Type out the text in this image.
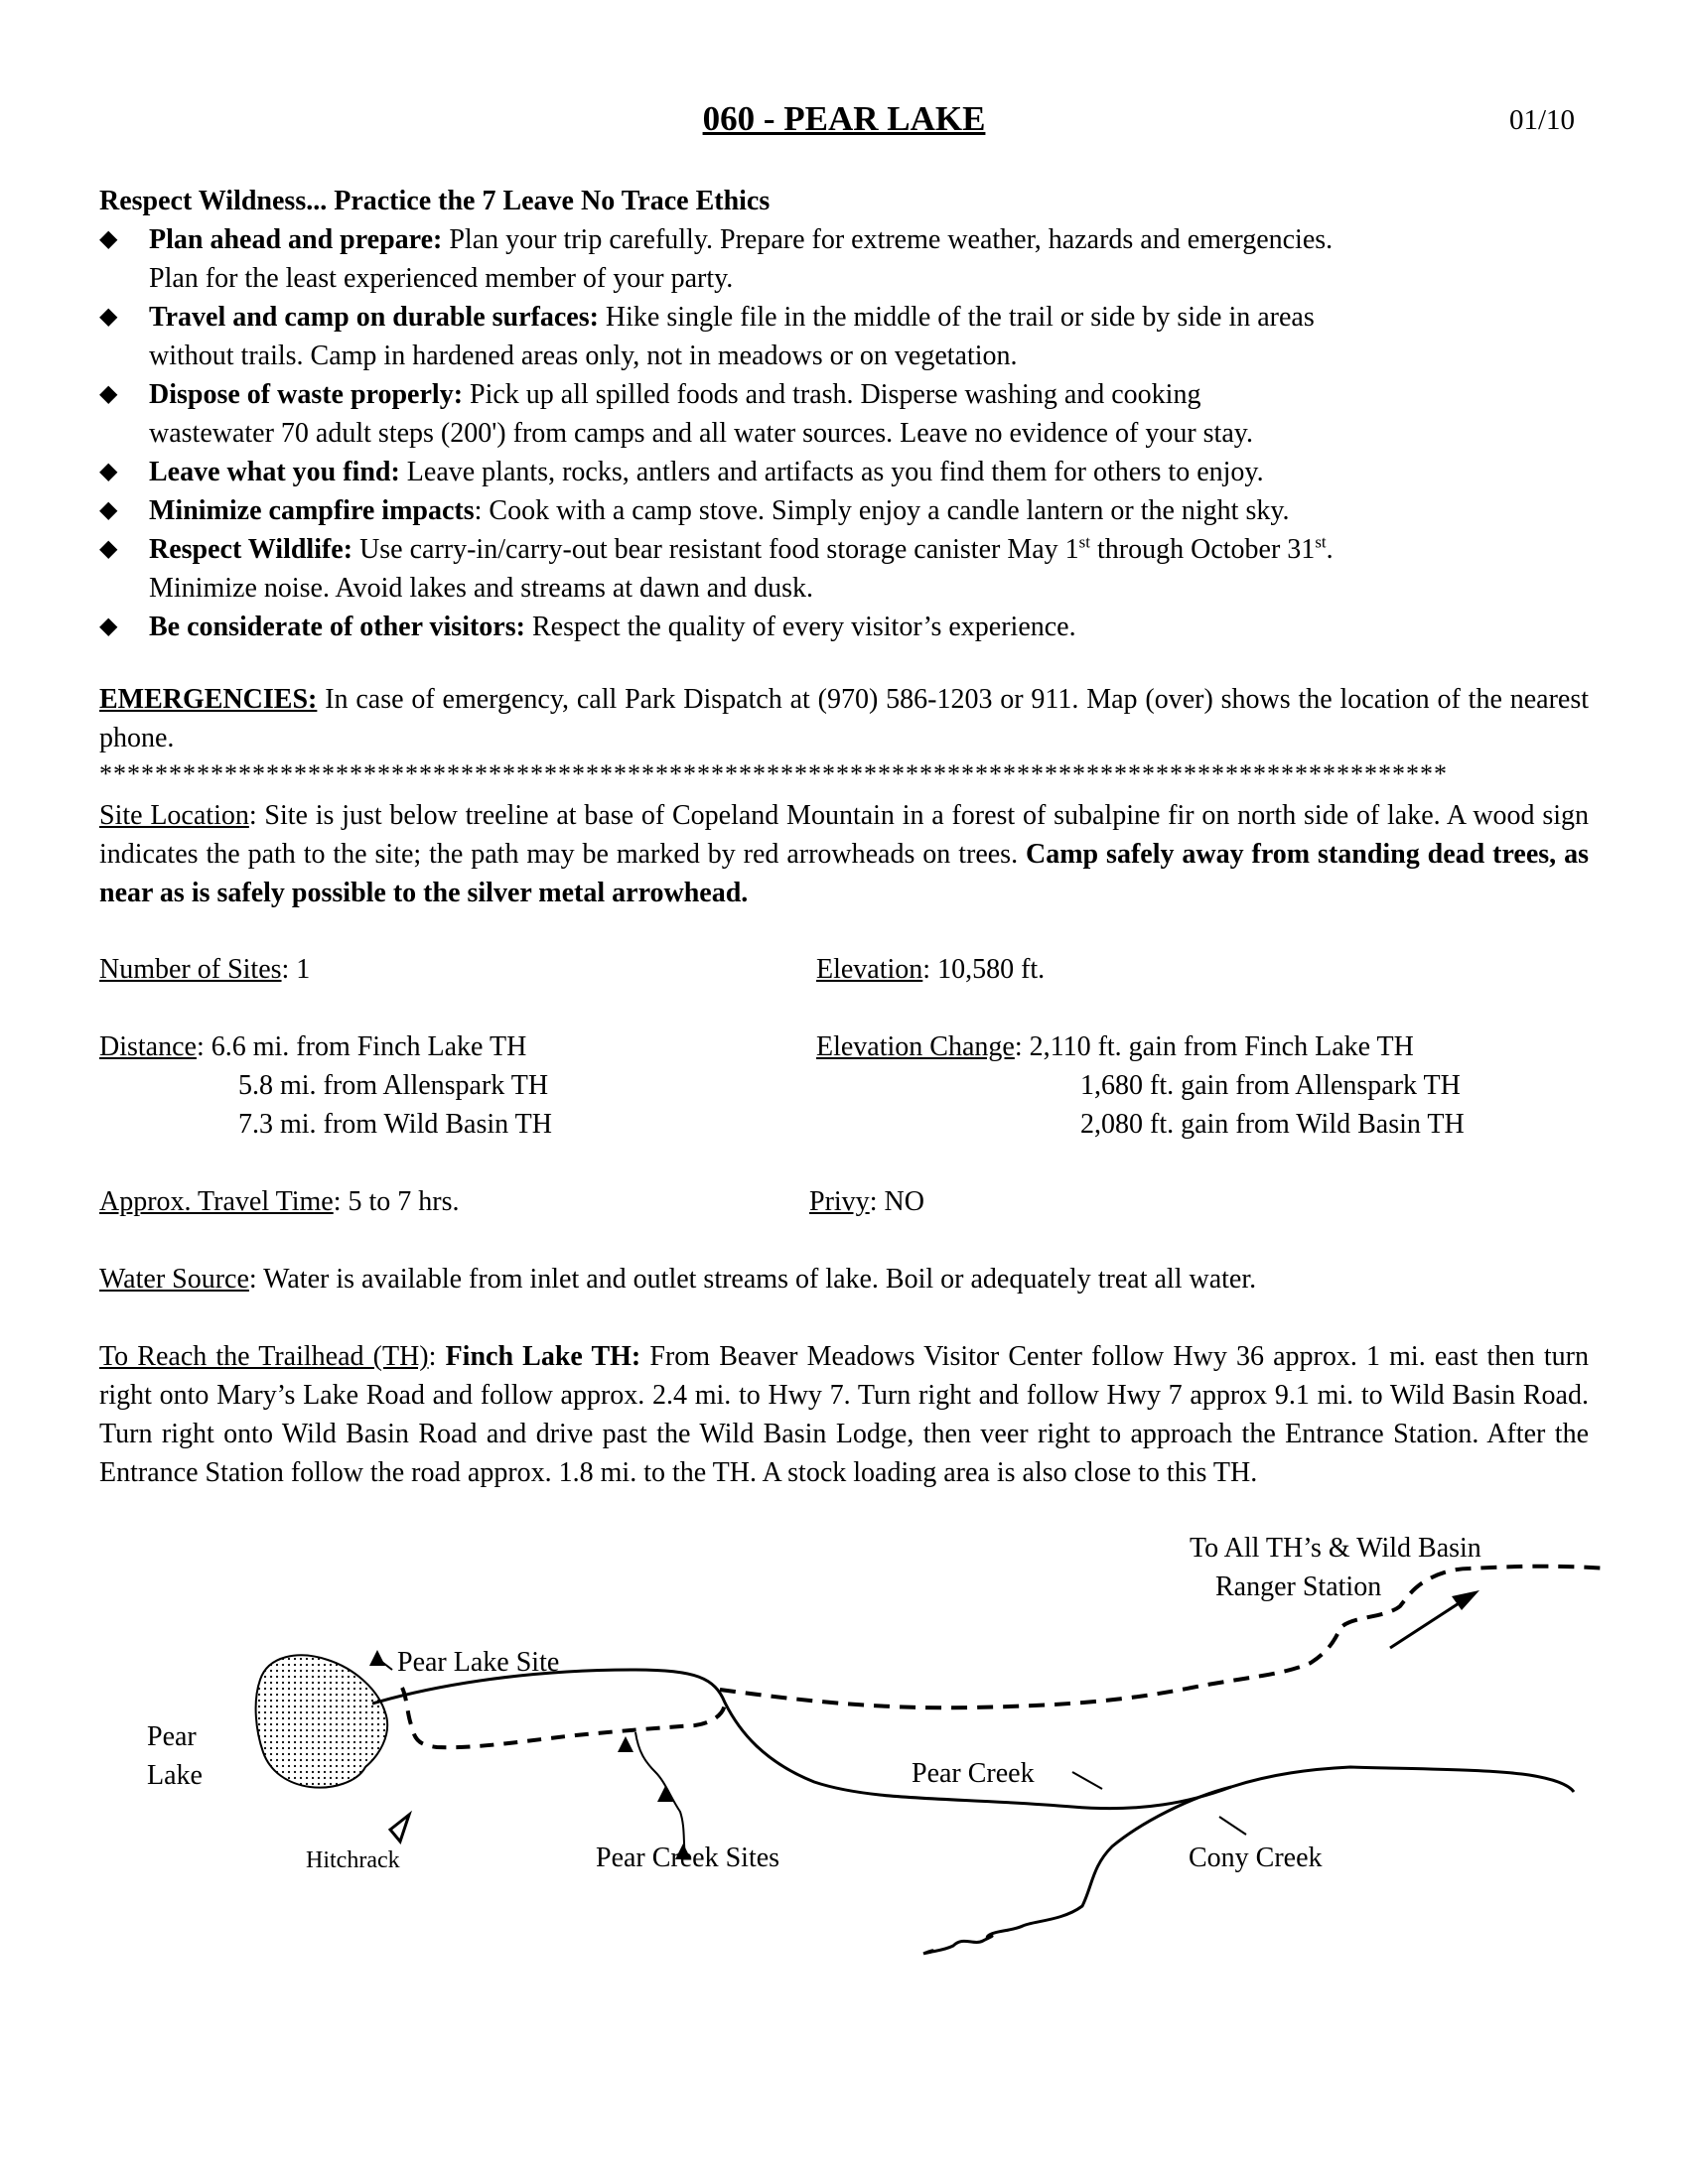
060 - PEAR LAKE	01/10
Respect Wildness... Practice the 7 Leave No Trace Ethics
◆ Plan ahead and prepare: Plan your trip carefully. Prepare for extreme weather, hazards and emergencies.
Plan for the least experienced member of your party.
◆ Travel and camp on durable surfaces: Hike single file in the middle of the trail or side by side in areas
without trails. Camp in hardened areas only, not in meadows or on vegetation.
◆ Dispose of waste properly: Pick up all spilled foods and trash. Disperse washing and cooking
wastewater 70 adult steps (200') from camps and all water sources. Leave no evidence of your stay.
◆ Leave what you find: Leave plants, rocks, antlers and artifacts as you find them for others to enjoy.
◆ Minimize campfire impacts: Cook with a camp stove. Simply enjoy a candle lantern or the night sky.
◆ Respect Wildlife: Use carry-in/carry-out bear resistant food storage canister May 1st through October 31st.
Minimize noise. Avoid lakes and streams at dawn and dusk.
◆ Be considerate of other visitors: Respect the quality of every visitor’s experience.
EMERGENCIES: In case of emergency, call Park Dispatch at (970) 586-1203 or 911. Map (over) shows the location of the nearest phone.
*************************************************************************************************
Site Location: Site is just below treeline at base of Copeland Mountain in a forest of subalpine fir on north side of lake. A wood sign indicates the path to the site; the path may be marked by red arrowheads on trees. Camp safely away from standing dead trees, as near as is safely possible to the silver metal arrowhead.
Number of Sites: 1	Elevation: 10,580 ft.
Distance: 6.6 mi. from Finch Lake TH
5.8 mi. from Allenspark TH
7.3 mi. from Wild Basin TH
Elevation Change: 2,110 ft. gain from Finch Lake TH
1,680 ft. gain from Allenspark TH
2,080 ft. gain from Wild Basin TH
Approx. Travel Time: 5 to 7 hrs.	Privy: NO
Water Source: Water is available from inlet and outlet streams of lake. Boil or adequately treat all water.
To Reach the Trailhead (TH): Finch Lake TH: From Beaver Meadows Visitor Center follow Hwy 36 approx. 1 mi. east then turn right onto Mary’s Lake Road and follow approx. 2.4 mi. to Hwy 7. Turn right and follow Hwy 7 approx 9.1 mi. to Wild Basin Road. Turn right onto Wild Basin Road and drive past the Wild Basin Lodge, then veer right to approach the Entrance Station. After the Entrance Station follow the road approx. 1.8 mi. to the TH. A stock loading area is also close to this TH.
To All TH’s & Wild Basin
Ranger Station
Pear Lake Site
Pear
Lake	Pear Creek
Hitchrack	Pear Creek Sites	Cony Creek
